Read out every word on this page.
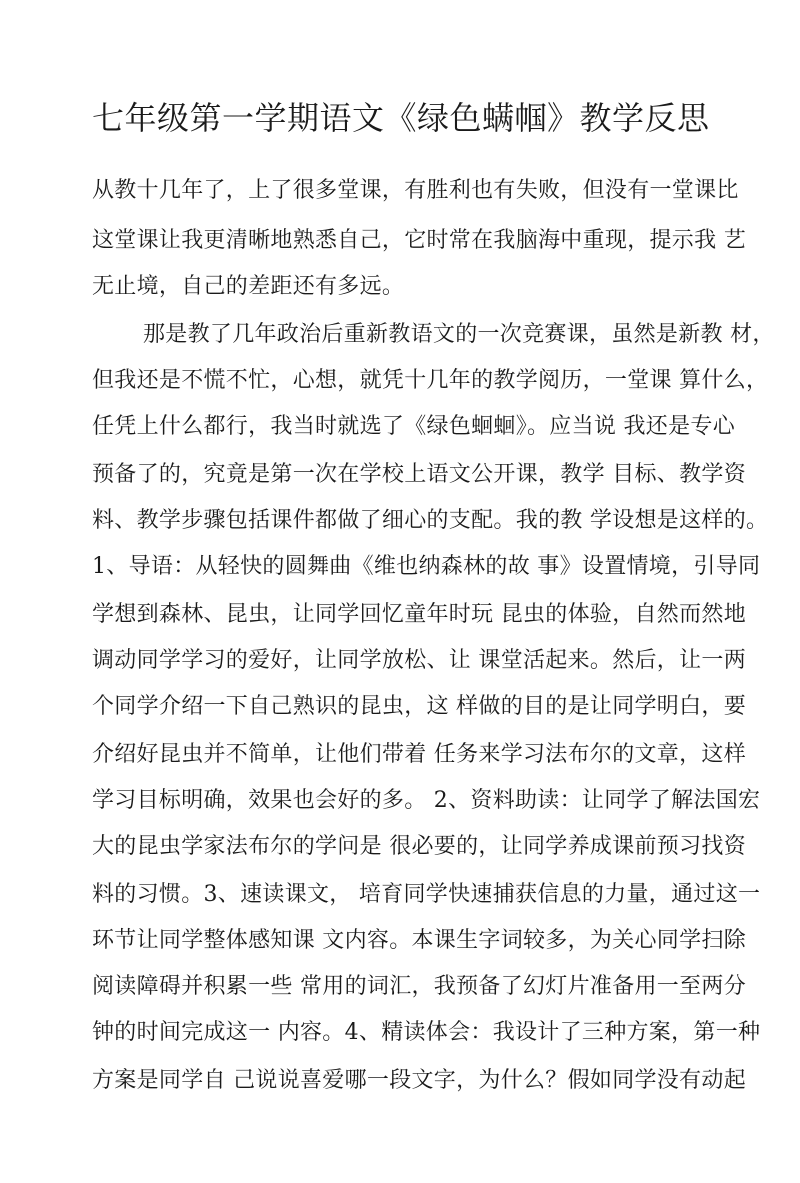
七年级第一学期语文《绿色螨帼》教学反思

从教十几年了，上了很多堂课，有胜利也有失败，但没有一堂课比

这堂课让我更清晰地熟悉自己，它时常在我脑海中重现，提示我 艺

无止境，自己的差距还有多远。

那是教了几年政治后重新教语文的一次竞赛课，虽然是新教 材，

但我还是不慌不忙，心想，就凭十几年的教学阅历，一堂课 算什么，

任凭上什么都行，我当时就选了《绿色蛔蛔》。应当说 我还是专心

预备了的，究竟是第一次在学校上语文公开课，教学 目标、教学资

料、教学步骤包括课件都做了细心的支配。我的教 学设想是这样的。

1、导语：从轻快的圆舞曲《维也纳森林的故 事》设置情境，引导同

学想到森林、昆虫，让同学回忆童年时玩 昆虫的体验，自然而然地

调动同学学习的爱好，让同学放松、让 课堂活起来。然后，让一两

个同学介绍一下自己熟识的昆虫，这 样做的目的是让同学明白，要

介绍好昆虫并不简单，让他们带着 任务来学习法布尔的文章，这样

学习目标明确，效果也会好的多。 2、资料助读：让同学了解法国宏

大的昆虫学家法布尔的学问是 很必要的，让同学养成课前预习找资

料的习惯。3、速读课文， 培育同学快速捕获信息的力量，通过这一

环节让同学整体感知课 文内容。本课生字词较多，为关心同学扫除

阅读障碍并积累一些 常用的词汇，我预备了幻灯片准备用一至两分

钟的时间完成这一 内容。4、精读体会：我设计了三种方案，第一种

方案是同学自 己说说喜爱哪一段文字，为什么？假如同学没有动起
